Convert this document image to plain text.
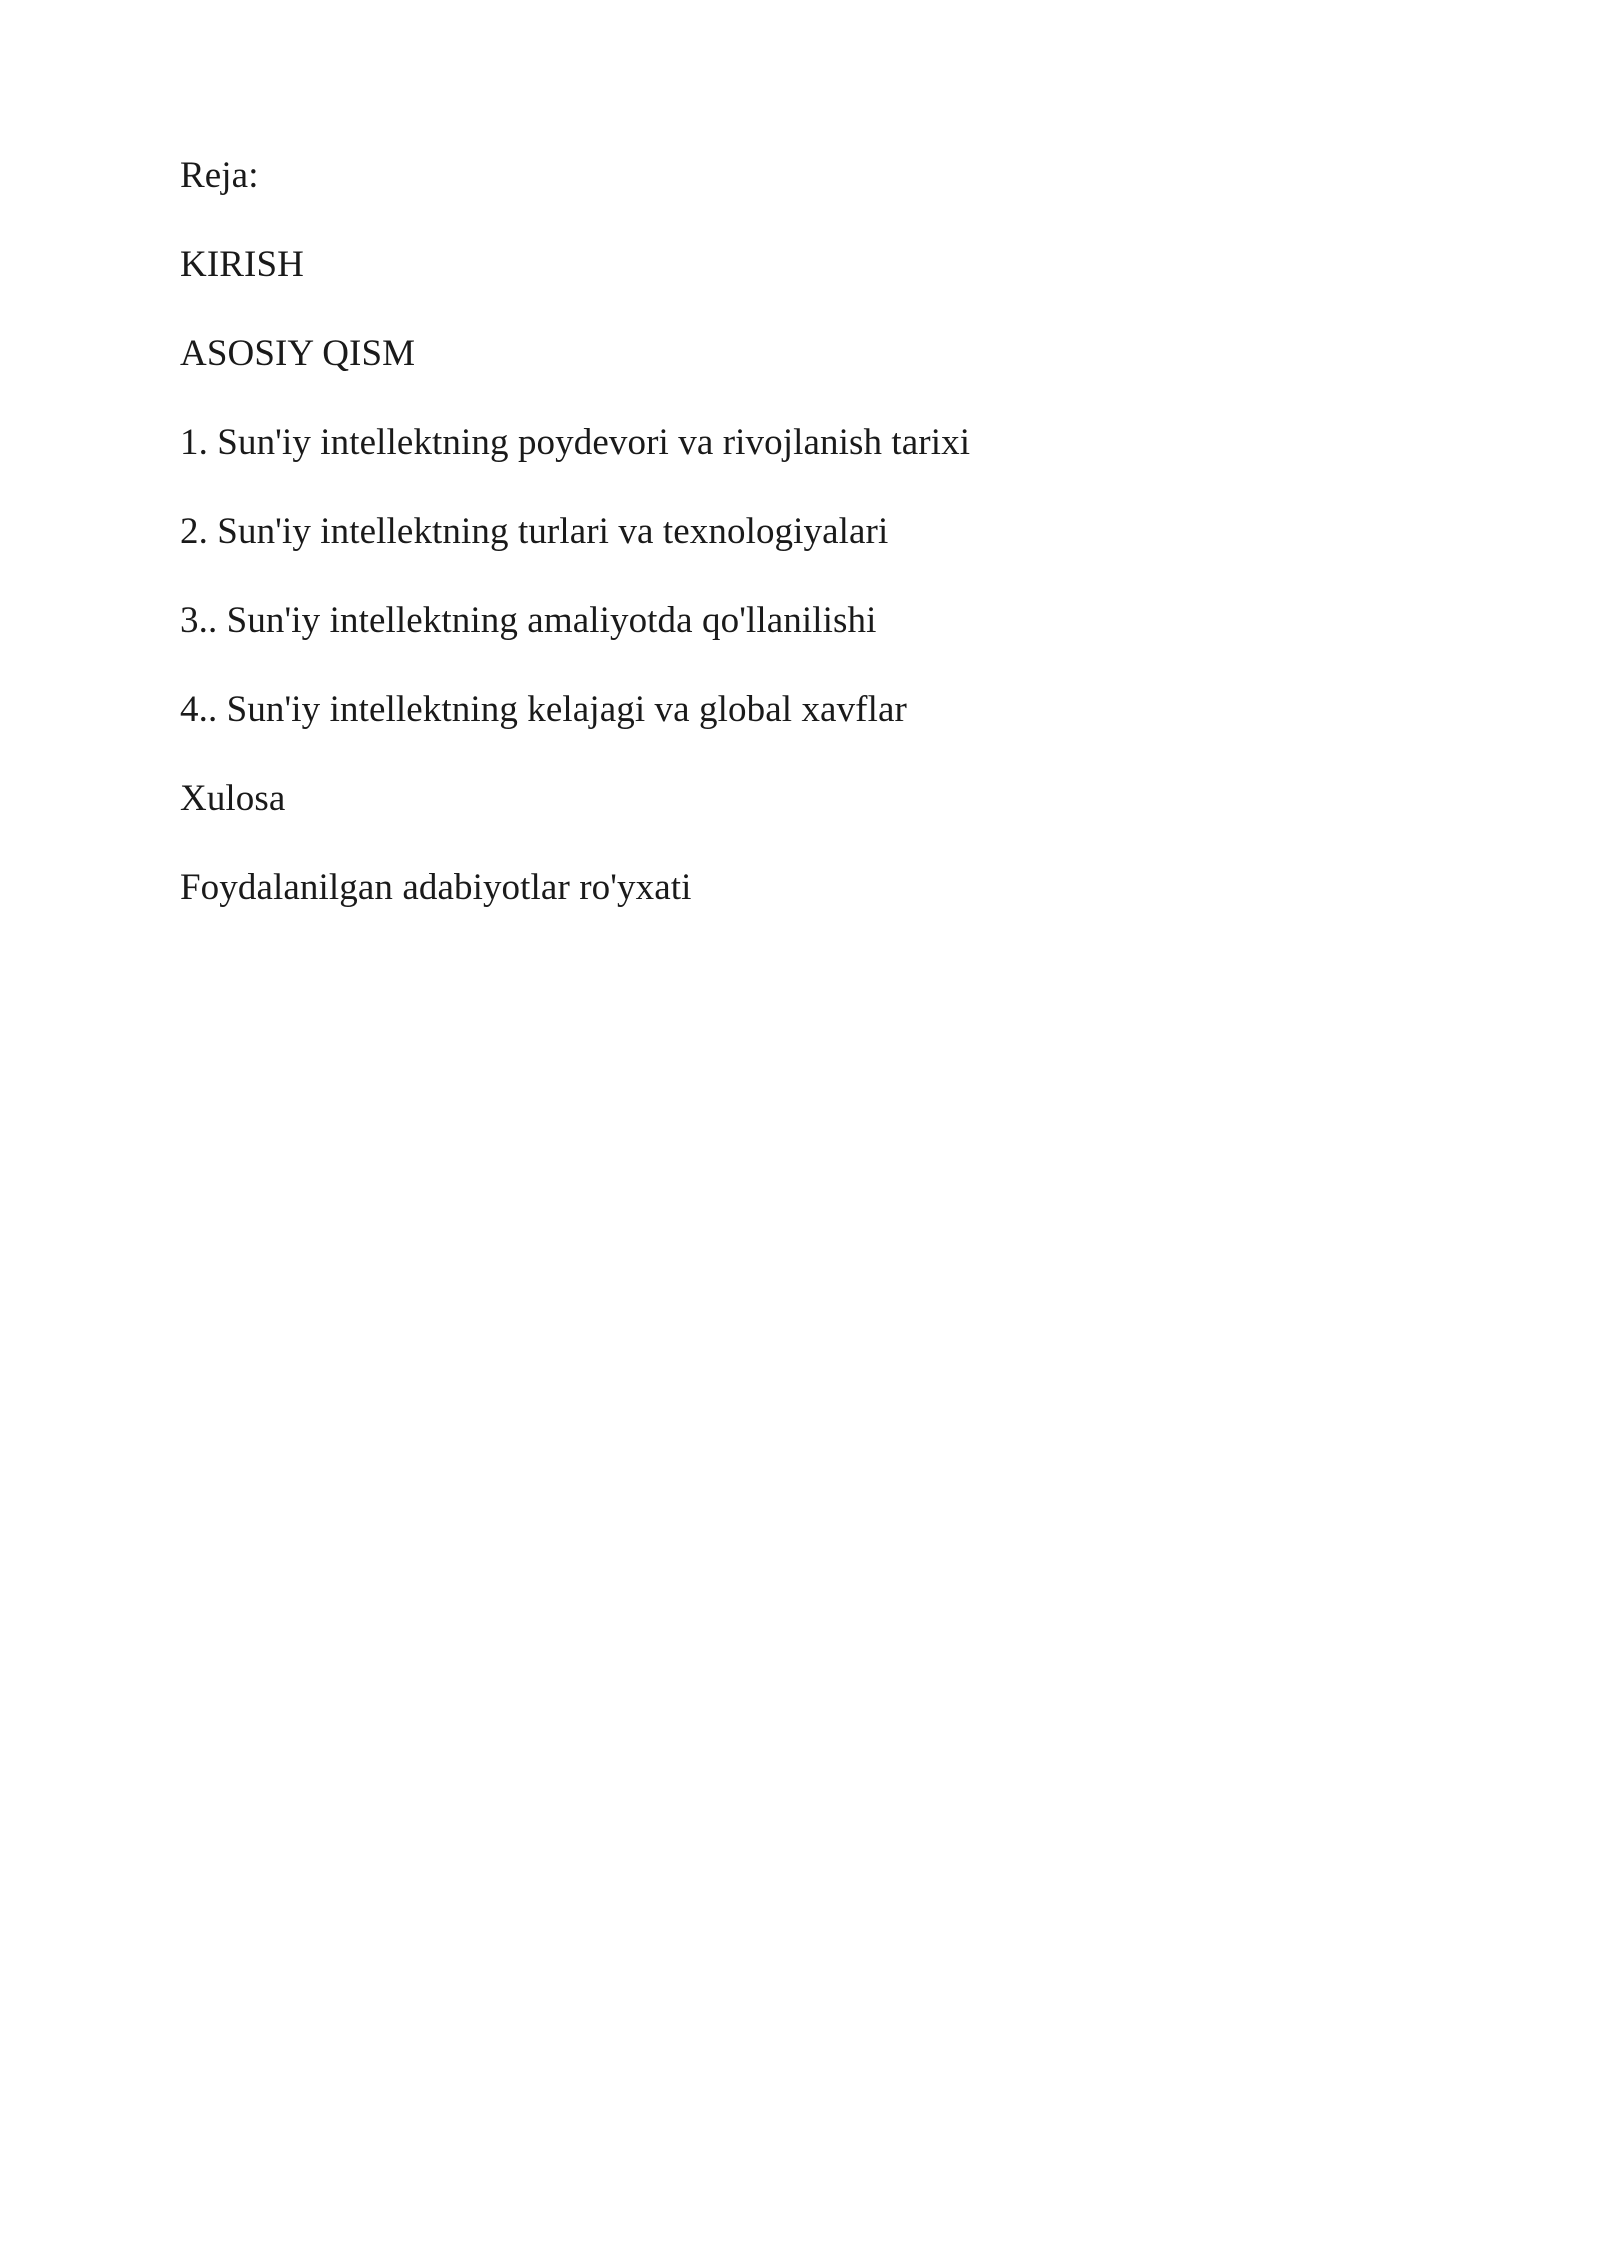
Reja:
KIRISH
ASOSIY QISM
1. Sun'iy intellektning poydevori va rivojlanish tarixi
2. Sun'iy intellektning turlari va texnologiyalari
3.. Sun'iy intellektning amaliyotda qo'llanilishi
4.. Sun'iy intellektning kelajagi va global xavflar
Xulosa
Foydalanilgan adabiyotlar ro'yxati
